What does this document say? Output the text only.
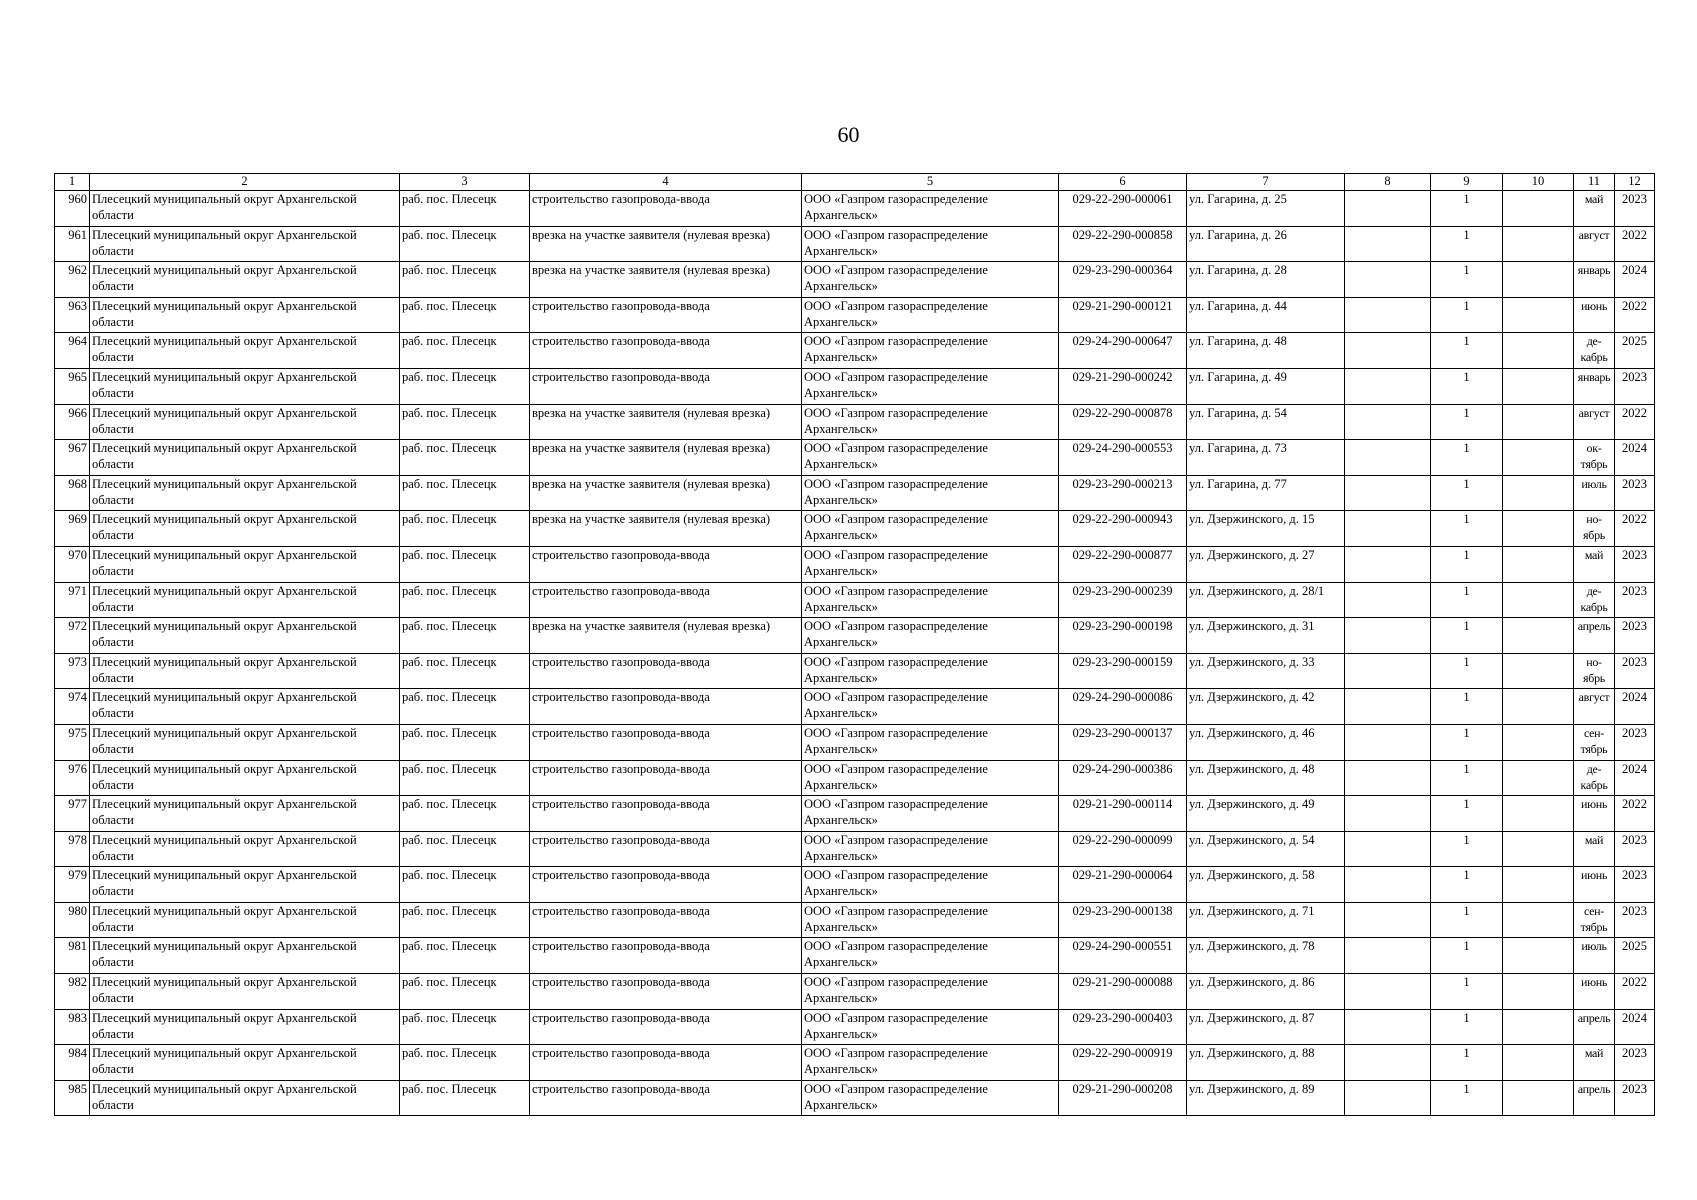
60
1	2	3	4	5	6	7	8	9	10	11	12
960	Плесецкий муниципальный округ Архангельской области	раб. пос. Плесецк	строительство газопровода-ввода	ООО «Газпром газораспределение Архангельск»	029-22-290-000061	ул. Гагарина, д. 25		1		май	2023
961	Плесецкий муниципальный округ Архангельской области	раб. пос. Плесецк	врезка на участке заявителя (нулевая врезка)	ООО «Газпром газораспределение Архангельск»	029-22-290-000858	ул. Гагарина, д. 26		1		август	2022
962	Плесецкий муниципальный округ Архангельской области	раб. пос. Плесецк	врезка на участке заявителя (нулевая врезка)	ООО «Газпром газораспределение Архангельск»	029-23-290-000364	ул. Гагарина, д. 28		1		январь	2024
963	Плесецкий муниципальный округ Архангельской области	раб. пос. Плесецк	строительство газопровода-ввода	ООО «Газпром газораспределение Архангельск»	029-21-290-000121	ул. Гагарина, д. 44		1		июнь	2022
964	Плесецкий муниципальный округ Архангельской области	раб. пос. Плесецк	строительство газопровода-ввода	ООО «Газпром газораспределение Архангельск»	029-24-290-000647	ул. Гагарина, д. 48		1		де-кабрь	2025
965	Плесецкий муниципальный округ Архангельской области	раб. пос. Плесецк	строительство газопровода-ввода	ООО «Газпром газораспределение Архангельск»	029-21-290-000242	ул. Гагарина, д. 49		1		январь	2023
966	Плесецкий муниципальный округ Архангельской области	раб. пос. Плесецк	врезка на участке заявителя (нулевая врезка)	ООО «Газпром газораспределение Архангельск»	029-22-290-000878	ул. Гагарина, д. 54		1		август	2022
967	Плесецкий муниципальный округ Архангельской области	раб. пос. Плесецк	врезка на участке заявителя (нулевая врезка)	ООО «Газпром газораспределение Архангельск»	029-24-290-000553	ул. Гагарина, д. 73		1		ок-тябрь	2024
968	Плесецкий муниципальный округ Архангельской области	раб. пос. Плесецк	врезка на участке заявителя (нулевая врезка)	ООО «Газпром газораспределение Архангельск»	029-23-290-000213	ул. Гагарина, д. 77		1		июль	2023
969	Плесецкий муниципальный округ Архангельской области	раб. пос. Плесецк	врезка на участке заявителя (нулевая врезка)	ООО «Газпром газораспределение Архангельск»	029-22-290-000943	ул. Дзержинского, д. 15		1		но-ябрь	2022
970	Плесецкий муниципальный округ Архангельской области	раб. пос. Плесецк	строительство газопровода-ввода	ООО «Газпром газораспределение Архангельск»	029-22-290-000877	ул. Дзержинского, д. 27		1		май	2023
971	Плесецкий муниципальный округ Архангельской области	раб. пос. Плесецк	строительство газопровода-ввода	ООО «Газпром газораспределение Архангельск»	029-23-290-000239	ул. Дзержинского, д. 28/1		1		де-кабрь	2023
972	Плесецкий муниципальный округ Архангельской области	раб. пос. Плесецк	врезка на участке заявителя (нулевая врезка)	ООО «Газпром газораспределение Архангельск»	029-23-290-000198	ул. Дзержинского, д. 31		1		апрель	2023
973	Плесецкий муниципальный округ Архангельской области	раб. пос. Плесецк	строительство газопровода-ввода	ООО «Газпром газораспределение Архангельск»	029-23-290-000159	ул. Дзержинского, д. 33		1		но-ябрь	2023
974	Плесецкий муниципальный округ Архангельской области	раб. пос. Плесецк	строительство газопровода-ввода	ООО «Газпром газораспределение Архангельск»	029-24-290-000086	ул. Дзержинского, д. 42		1		август	2024
975	Плесецкий муниципальный округ Архангельской области	раб. пос. Плесецк	строительство газопровода-ввода	ООО «Газпром газораспределение Архангельск»	029-23-290-000137	ул. Дзержинского, д. 46		1		сен-тябрь	2023
976	Плесецкий муниципальный округ Архангельской области	раб. пос. Плесецк	строительство газопровода-ввода	ООО «Газпром газораспределение Архангельск»	029-24-290-000386	ул. Дзержинского, д. 48		1		де-кабрь	2024
977	Плесецкий муниципальный округ Архангельской области	раб. пос. Плесецк	строительство газопровода-ввода	ООО «Газпром газораспределение Архангельск»	029-21-290-000114	ул. Дзержинского, д. 49		1		июнь	2022
978	Плесецкий муниципальный округ Архангельской области	раб. пос. Плесецк	строительство газопровода-ввода	ООО «Газпром газораспределение Архангельск»	029-22-290-000099	ул. Дзержинского, д. 54		1		май	2023
979	Плесецкий муниципальный округ Архангельской области	раб. пос. Плесецк	строительство газопровода-ввода	ООО «Газпром газораспределение Архангельск»	029-21-290-000064	ул. Дзержинского, д. 58		1		июнь	2023
980	Плесецкий муниципальный округ Архангельской области	раб. пос. Плесецк	строительство газопровода-ввода	ООО «Газпром газораспределение Архангельск»	029-23-290-000138	ул. Дзержинского, д. 71		1		сен-тябрь	2023
981	Плесецкий муниципальный округ Архангельской области	раб. пос. Плесецк	строительство газопровода-ввода	ООО «Газпром газораспределение Архангельск»	029-24-290-000551	ул. Дзержинского, д. 78		1		июль	2025
982	Плесецкий муниципальный округ Архангельской области	раб. пос. Плесецк	строительство газопровода-ввода	ООО «Газпром газораспределение Архангельск»	029-21-290-000088	ул. Дзержинского, д. 86		1		июнь	2022
983	Плесецкий муниципальный округ Архангельской области	раб. пос. Плесецк	строительство газопровода-ввода	ООО «Газпром газораспределение Архангельск»	029-23-290-000403	ул. Дзержинского, д. 87		1		апрель	2024
984	Плесецкий муниципальный округ Архангельской области	раб. пос. Плесецк	строительство газопровода-ввода	ООО «Газпром газораспределение Архангельск»	029-22-290-000919	ул. Дзержинского, д. 88		1		май	2023
985	Плесецкий муниципальный округ Архангельской области	раб. пос. Плесецк	строительство газопровода-ввода	ООО «Газпром газораспределение Архангельск»	029-21-290-000208	ул. Дзержинского, д. 89		1		апрель	2023
